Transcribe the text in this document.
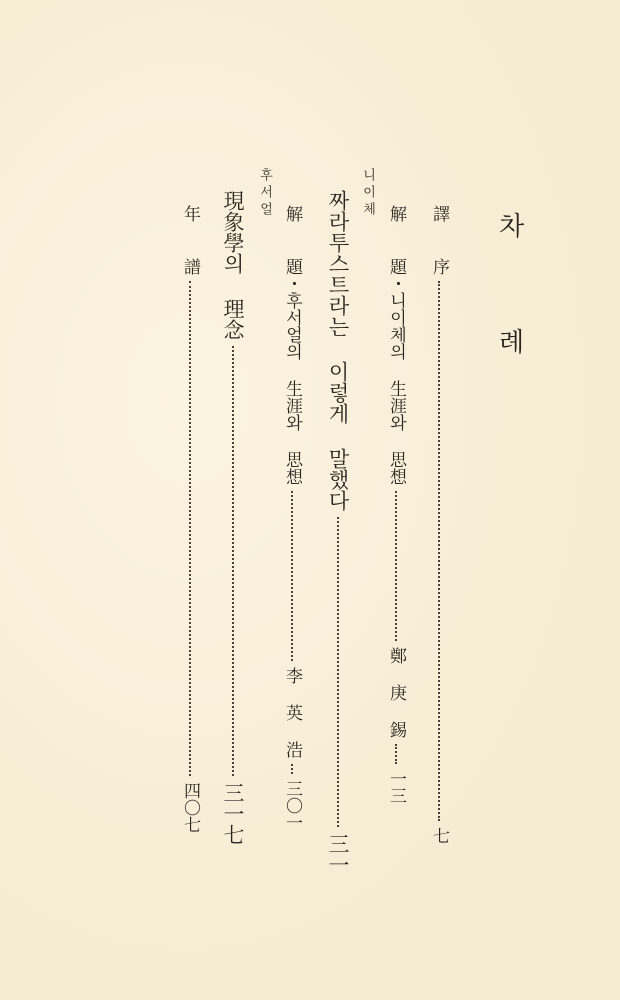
차 례
譯序七
解題・니이체의 生涯와 思想鄭 庚 錫一三
니이체
짜라투스트라는 이렇게 말했다三一
解題・후서얼의 生涯와 思想李 英 浩三〇一
후서얼
現象學의 理念三一七
年譜四〇七
